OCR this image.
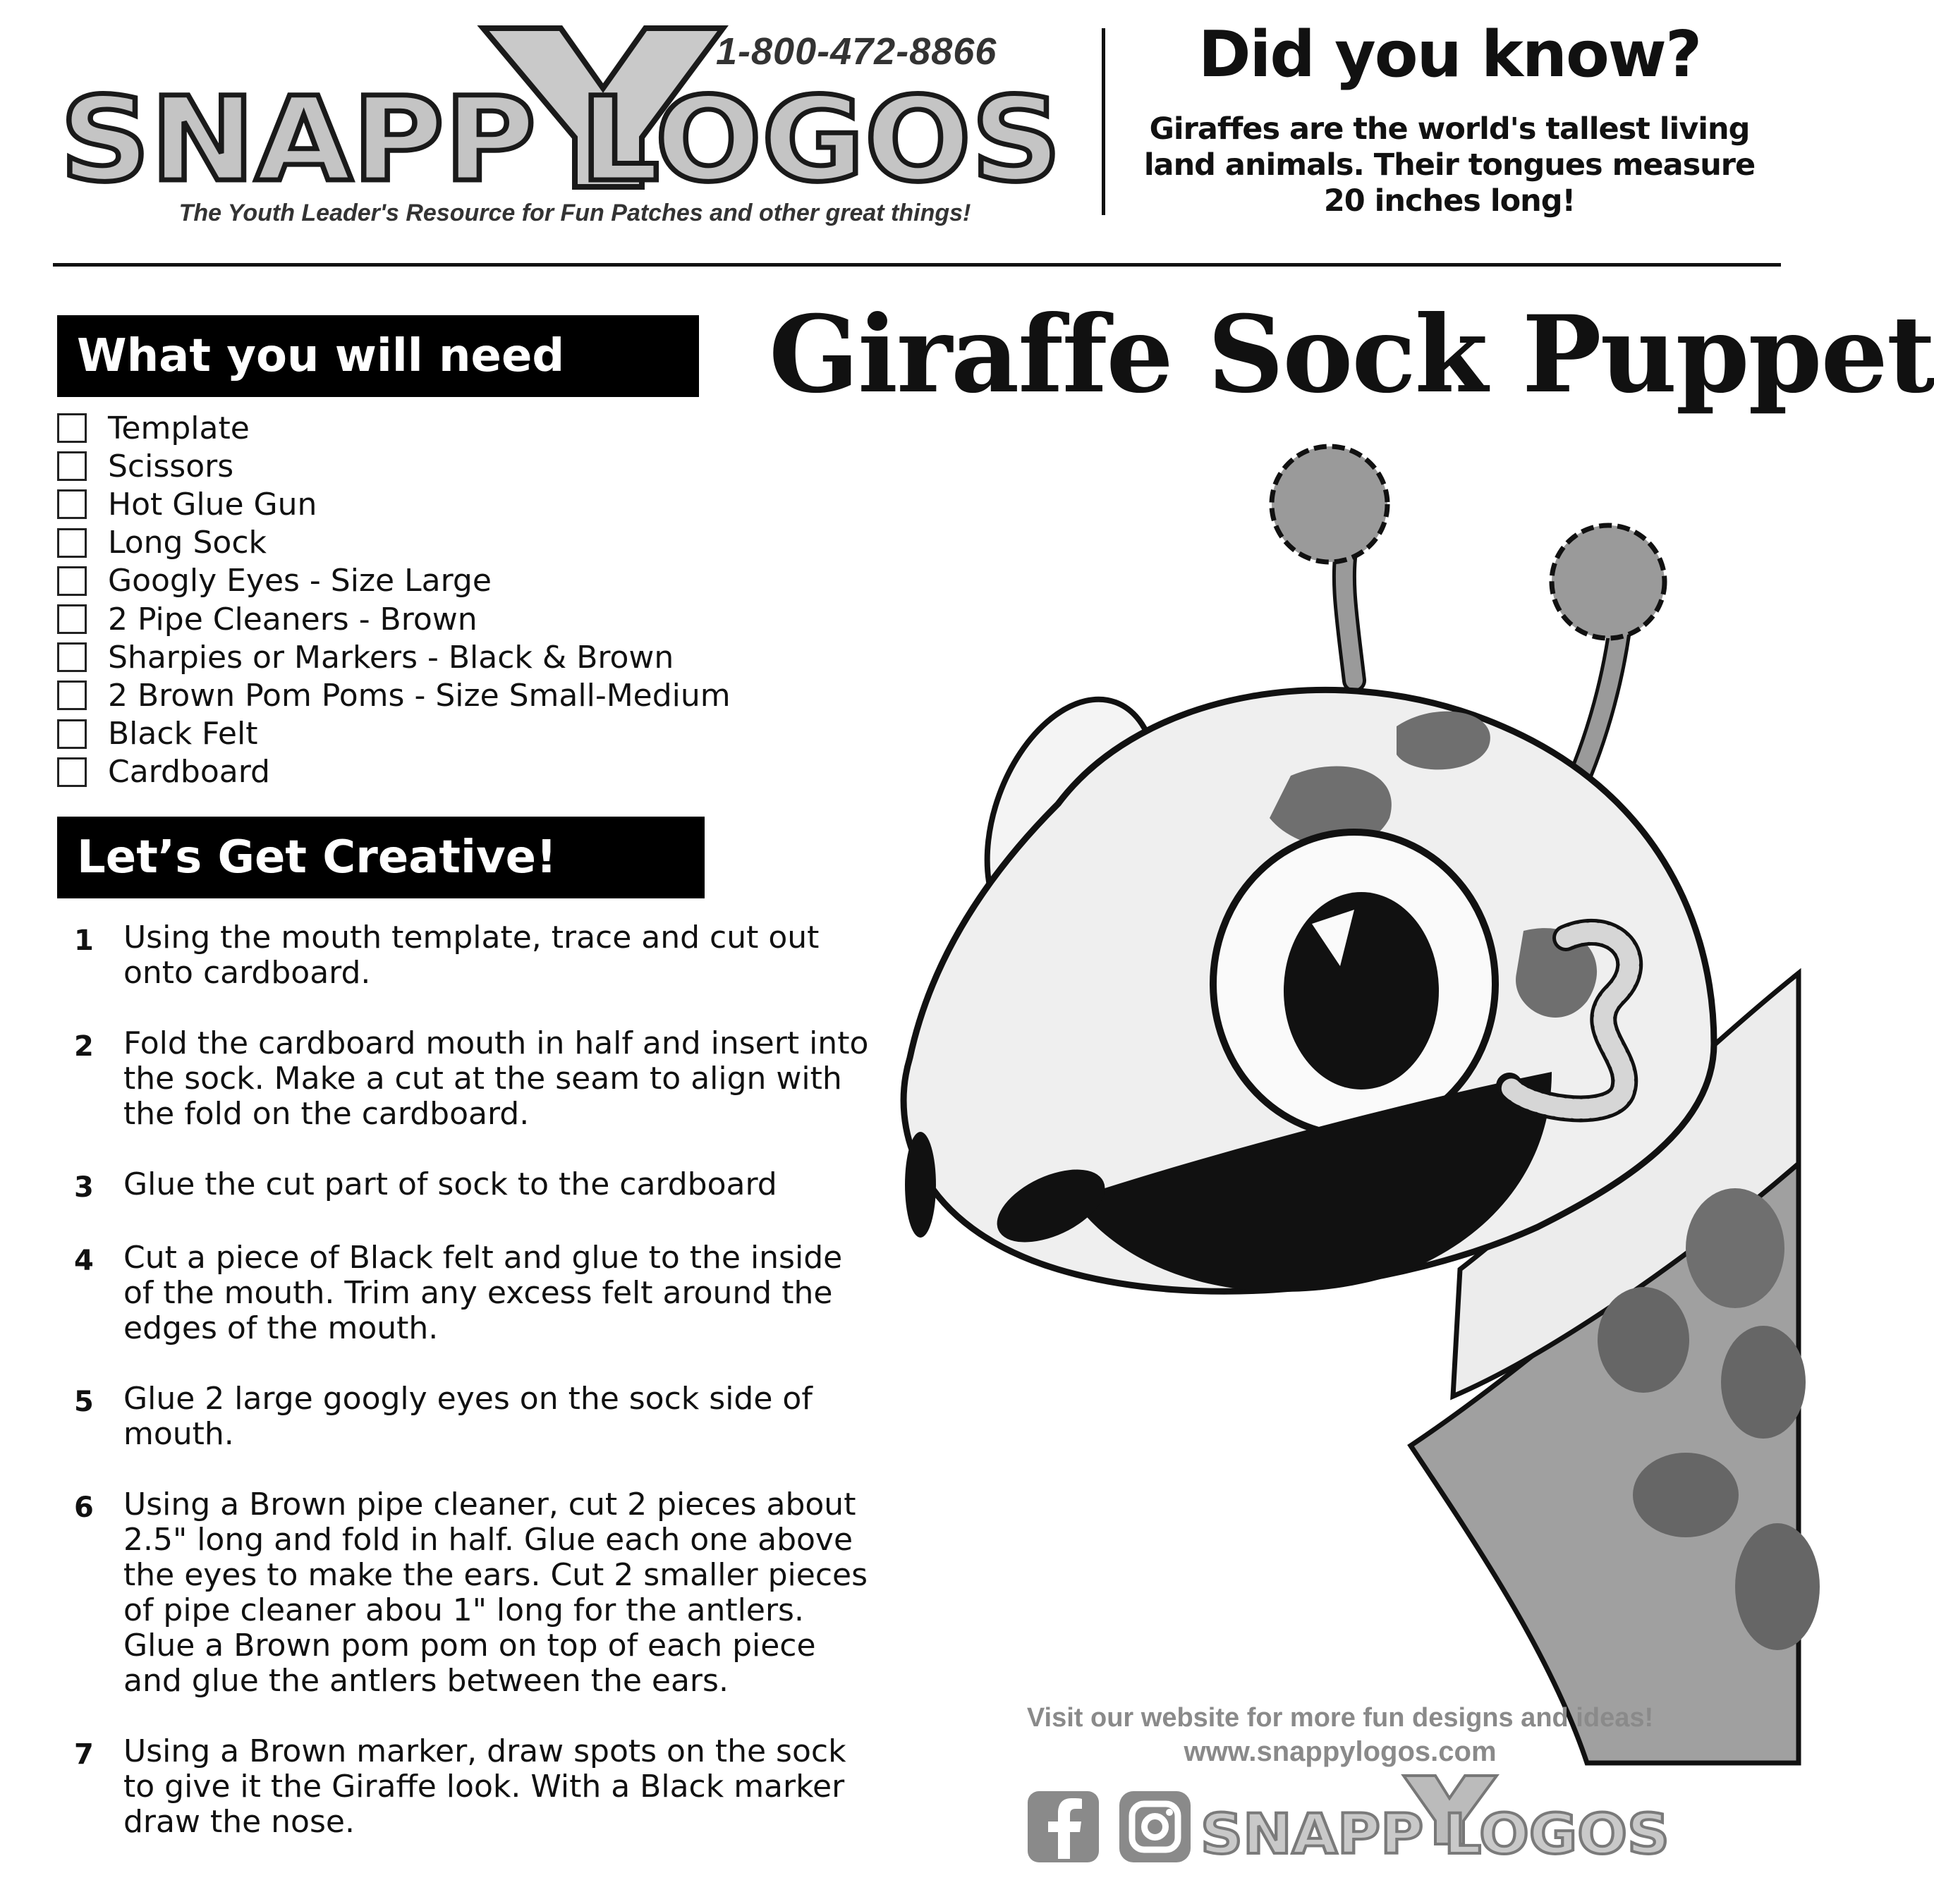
SNAPP LOGOS
1-800-472-8866
The Youth Leader's Resource for Fun Patches and other great things!
Did you know?
Giraffes are the world's tallest living land animals. Their tongues measure 20 inches long!
Giraffe Sock Puppet
What you will need
Template
Scissors
Hot Glue Gun
Long Sock
Googly Eyes - Size Large
2 Pipe Cleaners - Brown
Sharpies or Markers - Black & Brown
2 Brown Pom Poms - Size Small-Medium
Black Felt
Cardboard
Let’s Get Creative!
1 Using the mouth template, trace and cut out onto cardboard.
2 Fold the cardboard mouth in half and insert into the sock. Make a cut at the seam to align with the fold on the cardboard.
3 Glue the cut part of sock to the cardboard
4 Cut a piece of Black felt and glue to the inside of the mouth. Trim any excess felt around the edges of the mouth.
5 Glue 2 large googly eyes on the sock side of mouth.
6 Using a Brown pipe cleaner, cut 2 pieces about 2.5" long and fold in half. Glue each one above the eyes to make the ears. Cut 2 smaller pieces of pipe cleaner abou 1" long for the antlers. Glue a Brown pom pom on top of each piece and glue the antlers between the ears.
7 Using a Brown marker, draw spots on the sock to give it the Giraffe look. With a Black marker draw the nose.
Visit our website for more fun designs and ideas!
www.snappylogos.com
SNAPP LOGOS
